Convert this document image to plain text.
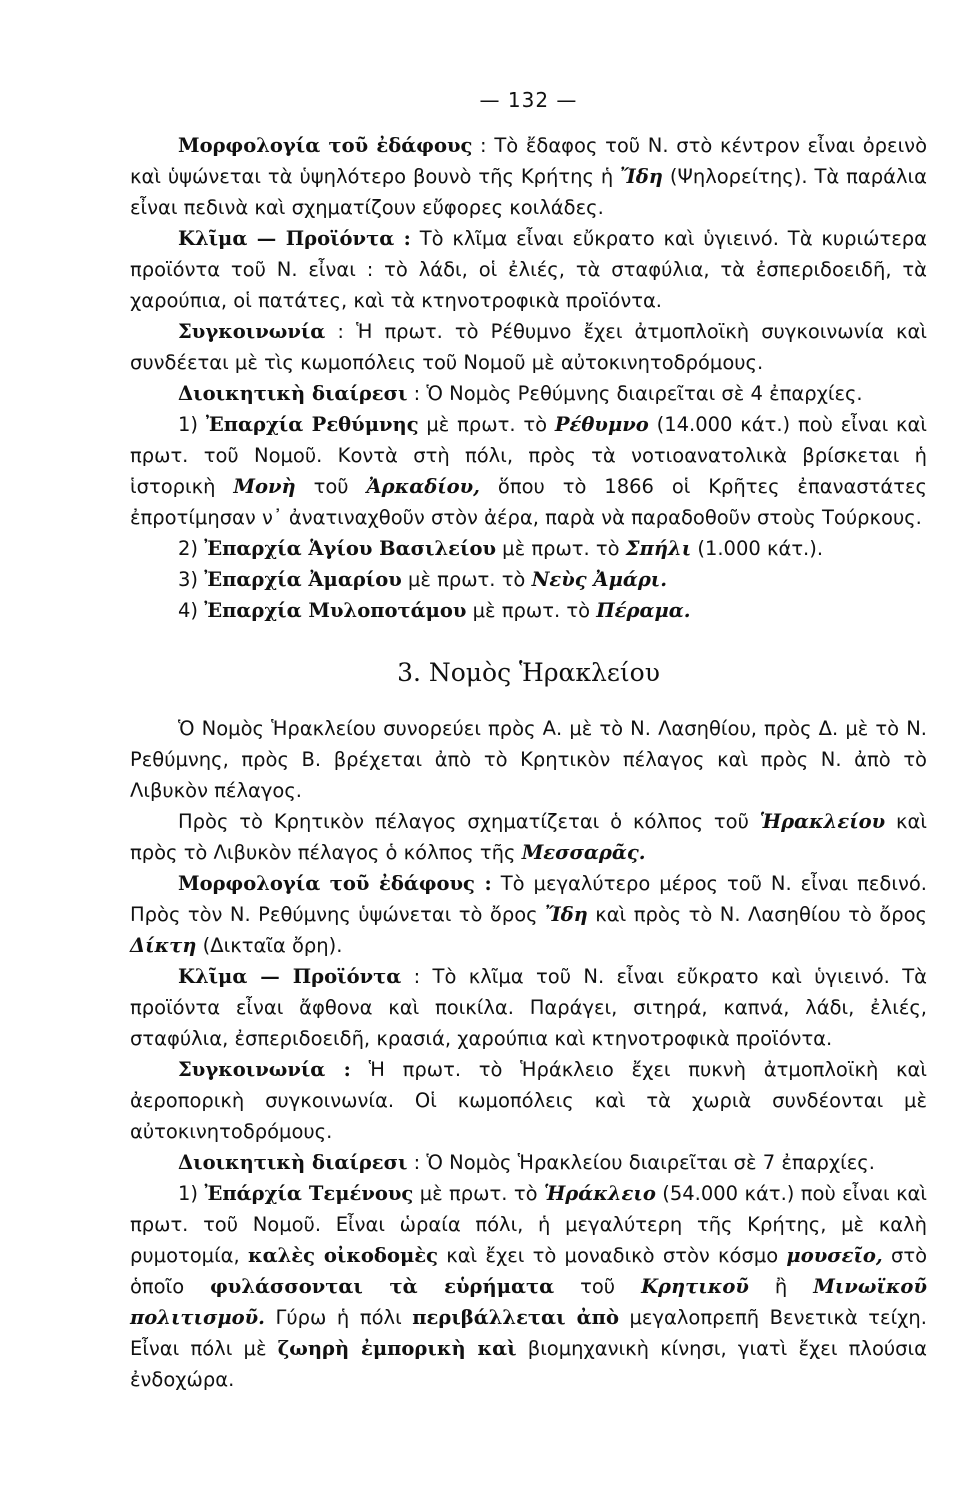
— 132 —

Μορφολογία τοῦ ἐδάφους : Τὸ ἔδαφος τοῦ Ν. στὸ κέντρον εἶναι ὀρεινὸ καὶ ὑψώνεται τὰ ὑψηλότερο βουνὸ τῆς Κρήτης ἡ Ἴδη (Ψηλορείτης). Τὰ παράλια εἶναι πεδινὰ καὶ σχηματίζουν εὔφορες κοιλάδες.

Κλῖμα — Προϊόντα : Τὸ κλῖμα εἶναι εὔκρατο καὶ ὑγιεινό. Τὰ κυριώτερα προϊόντα τοῦ Ν. εἶναι : τὸ λάδι, οἱ ἐλιές, τὰ σταφύλια, τὰ ἐσπεριδοειδῆ, τὰ χαρούπια, οἱ πατάτες, καὶ τὰ κτηνοτροφικὰ προϊόντα.

Συγκοινωνία : Ἡ πρωτ. τὸ Ρέθυμνο ἔχει ἀτμοπλοϊκὴ συγκοινωνία καὶ συνδέεται μὲ τὶς κωμοπόλεις τοῦ Νομοῦ μὲ αὐτοκινητοδρόμους.

Διοικητικὴ διαίρεσι : Ὁ Νομὸς Ρεθύμνης διαιρεῖται σὲ 4 ἐπαρχίες.

1) Ἐπαρχία Ρεθύμνης μὲ πρωτ. τὸ Ρέθυμνο (14.000 κάτ.) ποὺ εἶναι καὶ πρωτ. τοῦ Νομοῦ. Κοντὰ στὴ πόλι, πρὸς τὰ νοτιοανατολικὰ βρίσκεται ἡ ἱστορικὴ Μονὴ τοῦ Ἀρκαδίου, ὅπου τὸ 1866 οἱ Κρῆτες ἐπαναστάτες ἐπροτίμησαν ν᾿ ἀνατιναχθοῦν στὸν ἀέρα, παρὰ νὰ παραδοθοῦν στοὺς Τούρκους.

2) Ἐπαρχία Ἁγίου Βασιλείου μὲ πρωτ. τὸ Σπήλι (1.000 κάτ.).

3) Ἐπαρχία Ἀμαρίου μὲ πρωτ. τὸ Νεὺς Ἀμάρι.

4) Ἐπαρχία Μυλοποτάμου μὲ πρωτ. τὸ Πέραμα.

3. Νομὸς Ἡρακλείου

Ὁ Νομὸς Ἡρακλείου συνορεύει πρὸς Α. μὲ τὸ Ν. Λασηθίου, πρὸς Δ. μὲ τὸ Ν. Ρεθύμνης, πρὸς Β. βρέχεται ἀπὸ τὸ Κρητικὸν πέλαγος καὶ πρὸς Ν. ἀπὸ τὸ Λιβυκὸν πέλαγος.

Πρὸς τὸ Κρητικὸν πέλαγος σχηματίζεται ὁ κόλπος τοῦ Ἡρακλείου καὶ πρὸς τὸ Λιβυκὸν πέλαγος ὁ κόλπος τῆς Μεσσαρᾶς.

Μορφολογία τοῦ ἐδάφους : Τὸ μεγαλύτερο μέρος τοῦ Ν. εἶναι πεδινό. Πρὸς τὸν Ν. Ρεθύμνης ὑψώνεται τὸ ὄρος Ἴδη καὶ πρὸς τὸ Ν. Λασηθίου τὸ ὄρος Δίκτη (Δικταῖα ὄρη).

Κλῖμα — Προϊόντα : Τὸ κλῖμα τοῦ Ν. εἶναι εὔκρατο καὶ ὑγιεινό. Τὰ προϊόντα εἶναι ἄφθονα καὶ ποικίλα. Παράγει, σιτηρά, καπνά, λάδι, ἐλιές, σταφύλια, ἐσπεριδοειδῆ, κρασιά, χαρούπια καὶ κτηνοτροφικὰ προϊόντα.

Συγκοινωνία : Ἡ πρωτ. τὸ Ἡράκλειο ἔχει πυκνὴ ἀτμοπλοϊκὴ καὶ ἀεροπορικὴ συγκοινωνία. Οἱ κωμοπόλεις καὶ τὰ χωριὰ συνδέονται μὲ αὐτοκινητοδρόμους.

Διοικητικὴ διαίρεσι : Ὁ Νομὸς Ἡρακλείου διαιρεῖται σὲ 7 ἐπαρχίες.

1) Ἐπάρχία Τεμένους μὲ πρωτ. τὸ Ἡράκλειο (54.000 κάτ.) ποὺ εἶναι καὶ πρωτ. τοῦ Νομοῦ. Εἶναι ὡραία πόλι, ἡ μεγαλύτερη τῆς Κρήτης, μὲ καλὴ ρυμοτομία, καλὲς οἰκοδομὲς καὶ ἔχει τὸ μοναδικὸ στὸν κόσμο μουσεῖο, στὸ ὁποῖο φυλάσσονται τὰ εὑρήματα τοῦ Κρητικοῦ ἢ Μινωϊκοῦ πολιτισμοῦ. Γύρω ἡ πόλι περιβάλλεται ἀπὸ μεγαλοπρεπῆ Βενετικὰ τείχη. Εἶναι πόλι μὲ ζωηρὴ ἐμπορικὴ καὶ βιομηχανικὴ κίνησι, γιατὶ ἔχει πλούσια ἐνδοχώρα.
